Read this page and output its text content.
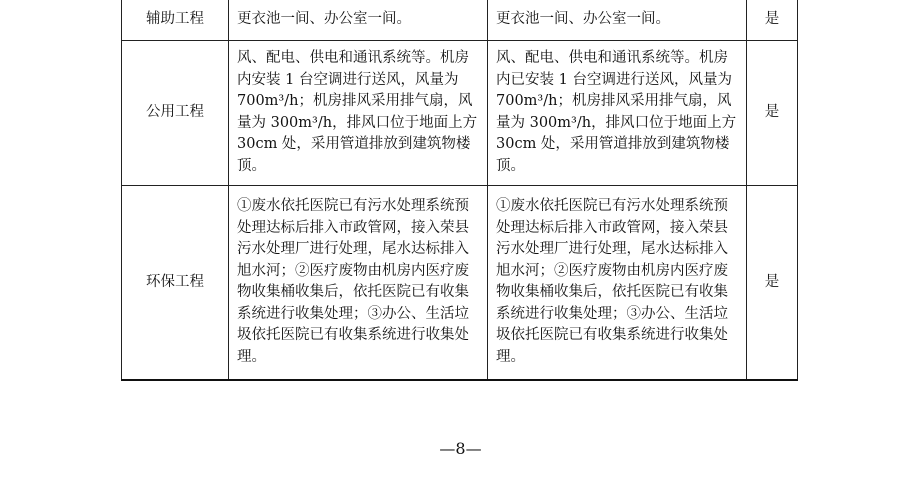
辅助工程	更衣池一间、办公室一间。	更衣池一间、办公室一间。	是
公用工程	风、配电、供电和通讯系统等。机房内安装 1 台空调进行送风，风量为 700m³/h；机房排风采用排气扇，风量为 300m³/h，排风口位于地面上方 30cm 处，采用管道排放到建筑物楼顶。	风、配电、供电和通讯系统等。机房内已安装 1 台空调进行送风，风量为 700m³/h；机房排风采用排气扇，风量为 300m³/h，排风口位于地面上方 30cm 处，采用管道排放到建筑物楼顶。	是
环保工程	①废水依托医院已有污水处理系统预处理达标后排入市政管网，接入荣县污水处理厂进行处理，尾水达标排入旭水河；②医疗废物由机房内医疗废物收集桶收集后，依托医院已有收集系统进行收集处理；③办公、生活垃圾依托医院已有收集系统进行收集处理。	①废水依托医院已有污水处理系统预处理达标后排入市政管网，接入荣县污水处理厂进行处理，尾水达标排入旭水河；②医疗废物由机房内医疗废物收集桶收集后，依托医院已有收集系统进行收集处理；③办公、生活垃圾依托医院已有收集系统进行收集处理。	是
—8—
